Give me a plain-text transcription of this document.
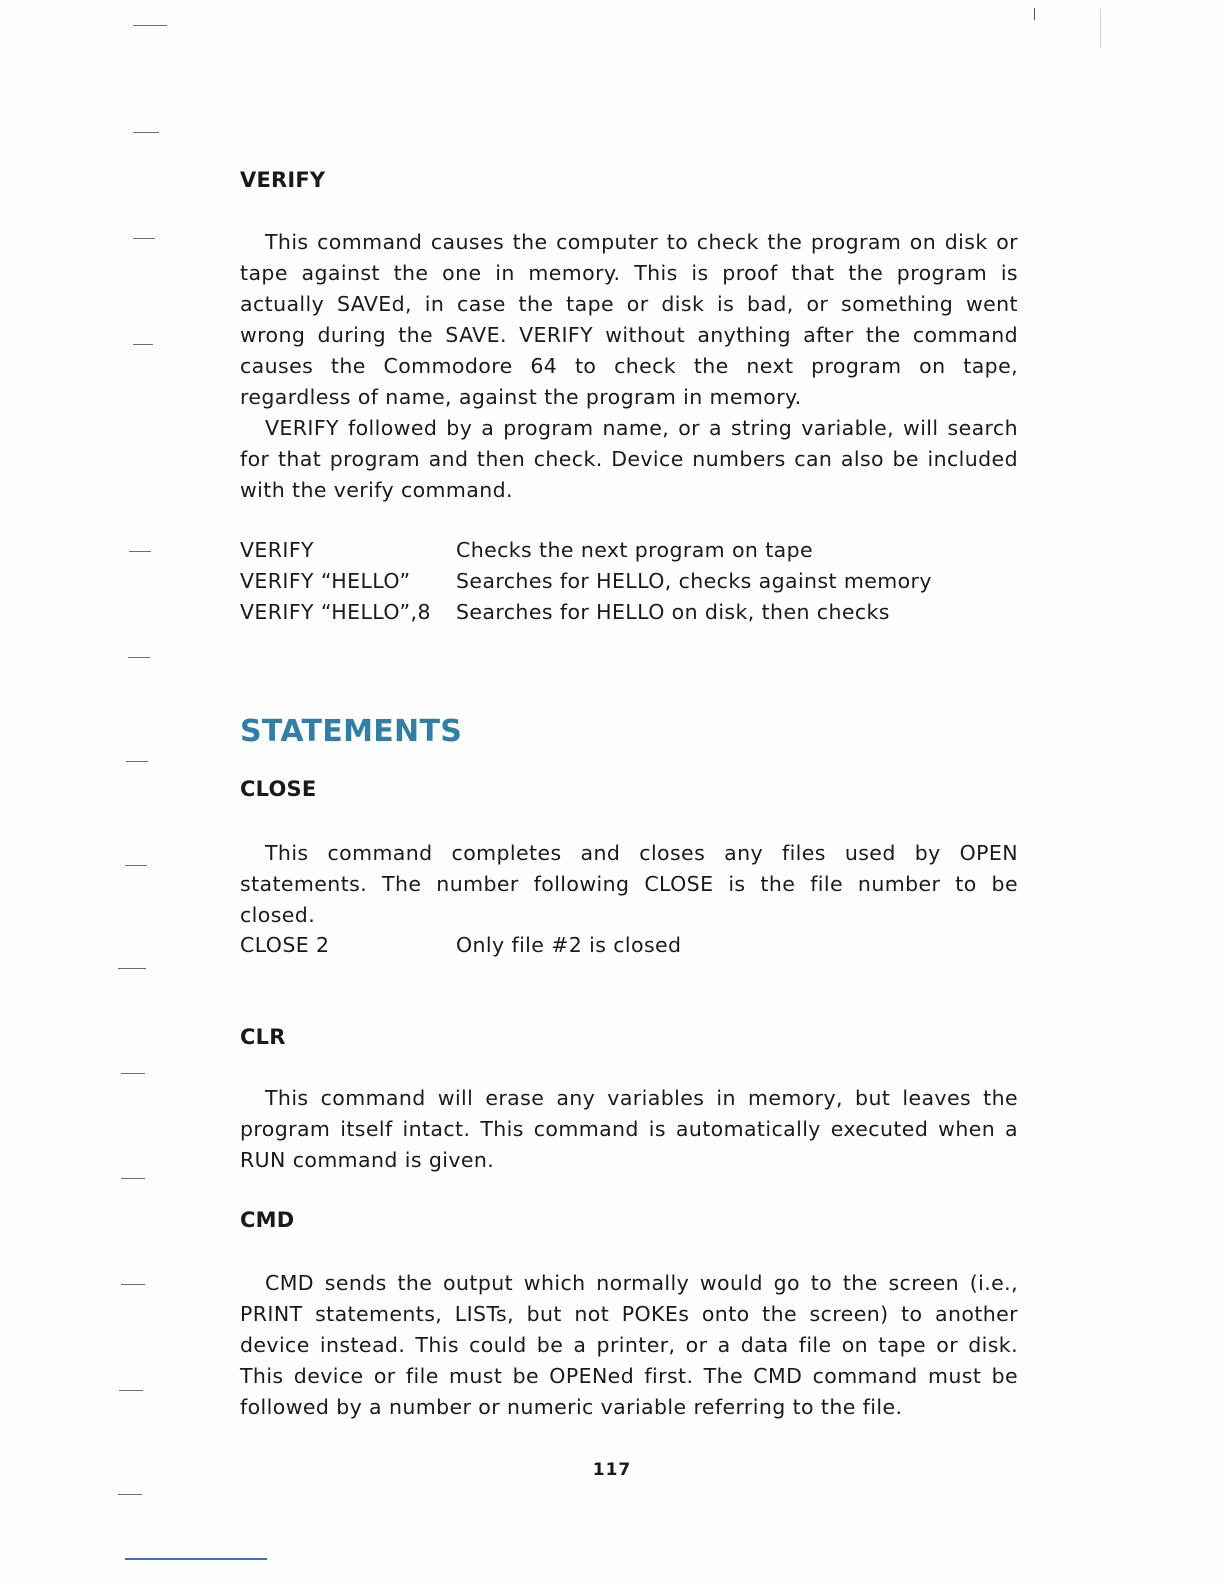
VERIFY

This command causes the computer to check the program on disk or tape against the one in memory. This is proof that the program is actually SAVEd, in case the tape or disk is bad, or something went wrong during the SAVE. VERIFY without anything after the command causes the Commodore 64 to check the next program on tape, regardless of name, against the program in memory.

VERIFY followed by a program name, or a string variable, will search for that program and then check. Device numbers can also be included with the verify command.

VERIFY	Checks the next program on tape
VERIFY “HELLO”	Searches for HELLO, checks against memory
VERIFY “HELLO”,8	Searches for HELLO on disk, then checks
STATEMENTS
CLOSE

This command completes and closes any files used by OPEN statements. The number following CLOSE is the file number to be closed.

CLOSE 2	Only file #2 is closed
CLR

This command will erase any variables in memory, but leaves the program itself intact. This command is automatically executed when a RUN command is given.

CMD

CMD sends the output which normally would go to the screen (i.e., PRINT statements, LISTs, but not POKEs onto the screen) to another device instead. This could be a printer, or a data file on tape or disk. This device or file must be OPENed first. The CMD command must be followed by a number or numeric variable referring to the file.

117
